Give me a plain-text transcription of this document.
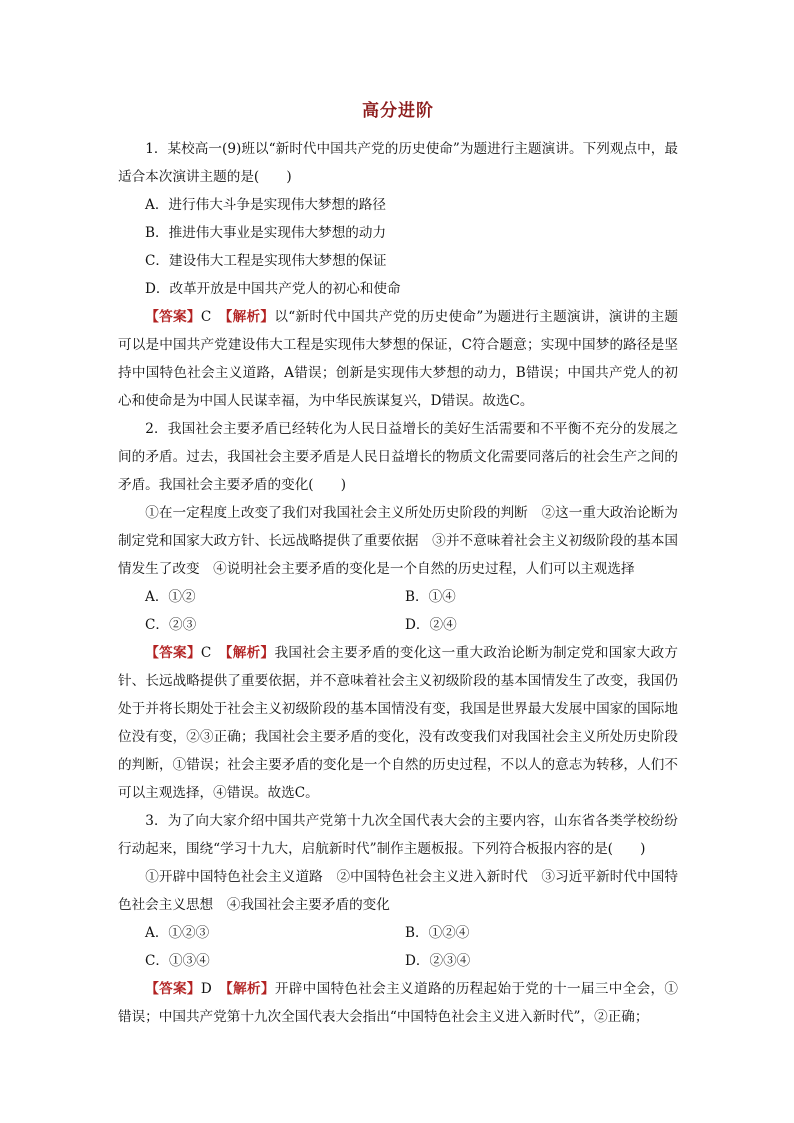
高分进阶

1．某校高一(9)班以“新时代中国共产党的历史使命”为题进行主题演讲。下列观点中，最适合本次演讲主题的是(　　)

A．进行伟大斗争是实现伟大梦想的路径

B．推进伟大事业是实现伟大梦想的动力

C．建设伟大工程是实现伟大梦想的保证

D．改革开放是中国共产党人的初心和使命

【答案】C　 【解析】以“新时代中国共产党的历史使命”为题进行主题演讲，演讲的主题可以是中国共产党建设伟大工程是实现伟大梦想的保证，C符合题意；实现中国梦的路径是坚持中国特色社会主义道路，A错误；创新是实现伟大梦想的动力，B错误；中国共产党人的初心和使命是为中国人民谋幸福，为中华民族谋复兴，D错误。故选C。

2．我国社会主要矛盾已经转化为人民日益增长的美好生活需要和不平衡不充分的发展之间的矛盾。过去，我国社会主要矛盾是人民日益增长的物质文化需要同落后的社会生产之间的矛盾。我国社会主要矛盾的变化(　　)

①在一定程度上改变了我们对我国社会主义所处历史阶段的判断　②这一重大政治论断为制定党和国家大政方针、长远战略提供了重要依据　③并不意味着社会主义初级阶段的基本国情发生了改变　④说明社会主要矛盾的变化是一个自然的历史过程，人们可以主观选择

A．①②	B．①④
C．②③	D．②④

【答案】C　 【解析】我国社会主要矛盾的变化这一重大政治论断为制定党和国家大政方针、长远战略提供了重要依据，并不意味着社会主义初级阶段的基本国情发生了改变，我国仍处于并将长期处于社会主义初级阶段的基本国情没有变，我国是世界最大发展中国家的国际地位没有变，②③正确；我国社会主要矛盾的变化，没有改变我们对我国社会主义所处历史阶段的判断，①错误；社会主要矛盾的变化是一个自然的历史过程，不以人的意志为转移，人们不可以主观选择，④错误。故选C。

3．为了向大家介绍中国共产党第十九次全国代表大会的主要内容，山东省各类学校纷纷行动起来，围绕“学习十九大，启航新时代”制作主题板报。下列符合板报内容的是(　　)

①开辟中国特色社会主义道路　②中国特色社会主义进入新时代　③习近平新时代中国特色社会主义思想　④我国社会主要矛盾的变化

A．①②③	B．①②④
C．①③④	D．②③④

【答案】D　 【解析】开辟中国特色社会主义道路的历程起始于党的十一届三中全会，①错误；中国共产党第十九次全国代表大会指出“中国特色社会主义进入新时代”，②正确；
